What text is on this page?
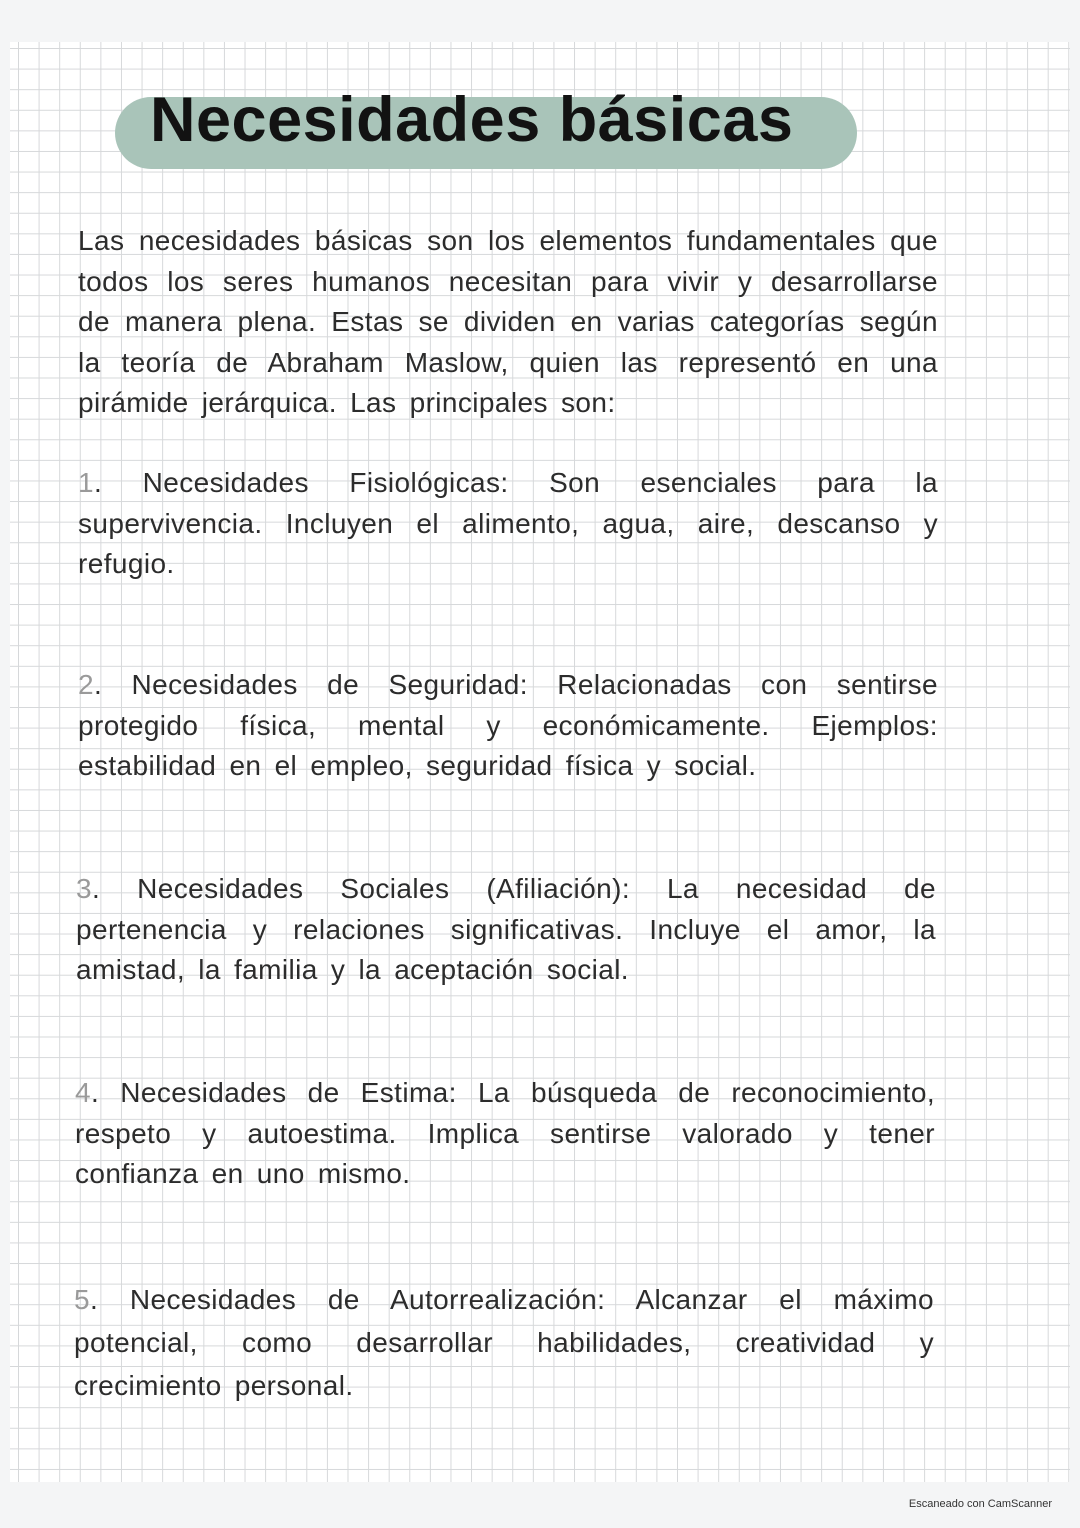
Necesidades básicas

Las necesidades básicas son los elementos fundamentales que todos los seres humanos necesitan para vivir y desarrollarse de manera plena. Estas se dividen en varias categorías según la teoría de Abraham Maslow, quien las representó en una pirámide jerárquica. Las principales son:

1. Necesidades Fisiológicas: Son esenciales para la supervivencia. Incluyen el alimento, agua, aire, descanso y refugio.

2. Necesidades de Seguridad: Relacionadas con sentirse protegido física, mental y económicamente. Ejemplos: estabilidad en el empleo, seguridad física y social.

3. Necesidades Sociales (Afiliación): La necesidad de pertenencia y relaciones significativas. Incluye el amor, la amistad, la familia y la aceptación social.

4. Necesidades de Estima: La búsqueda de reconocimiento, respeto y autoestima. Implica sentirse valorado y tener confianza en uno mismo.

5. Necesidades de Autorrealización: Alcanzar el máximo potencial, como desarrollar habilidades, creatividad y crecimiento personal.

Escaneado con CamScanner
